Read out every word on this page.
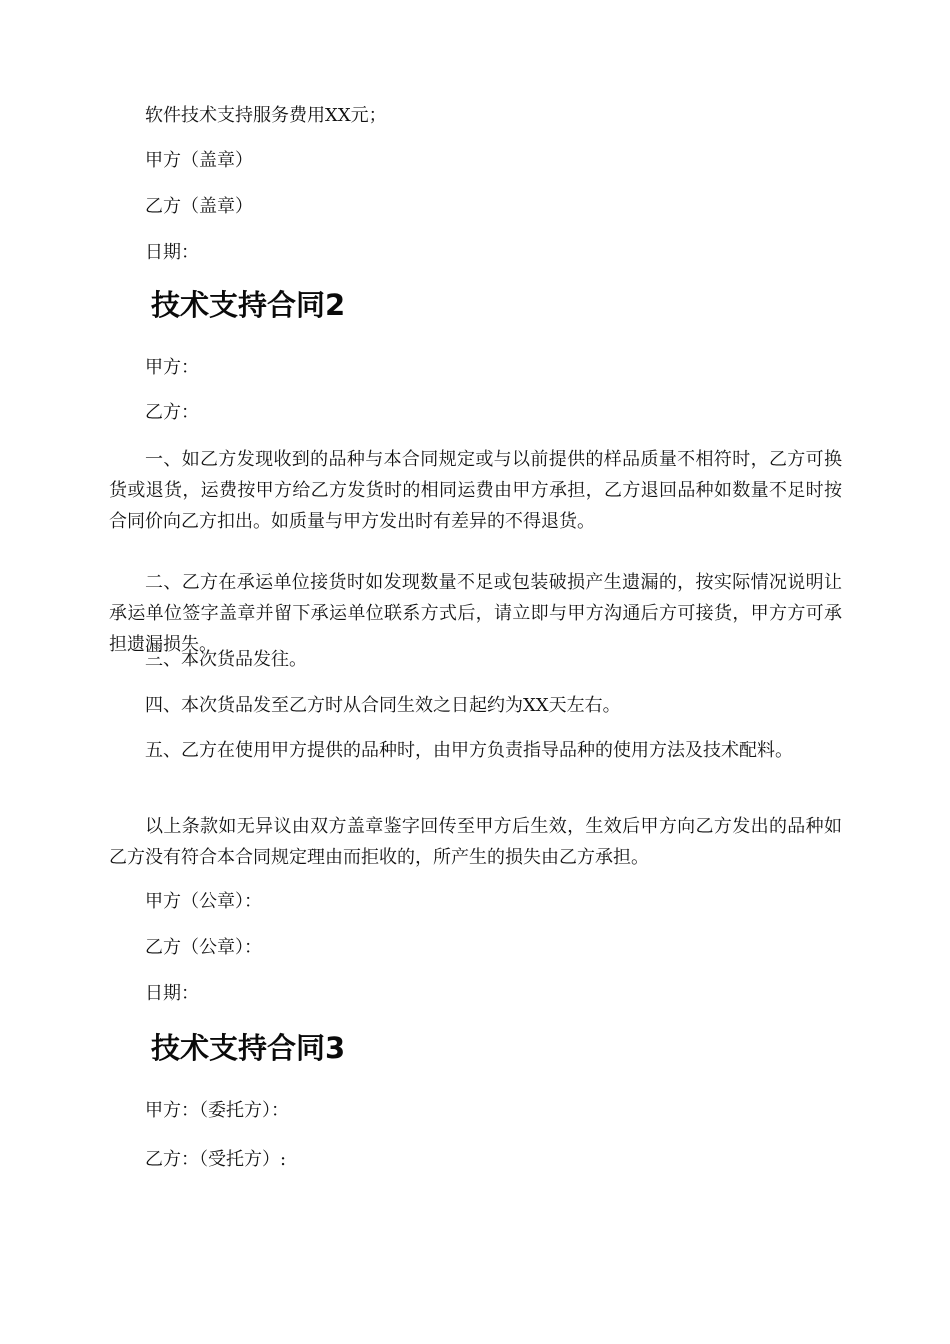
软件技术支持服务费用XX元；

甲方（盖章）

乙方（盖章）

日期：

技术支持合同2

甲方：

乙方：

一、如乙方发现收到的品种与本合同规定或与以前提供的样品质量不相符时，乙方可换货或退货，运费按甲方给乙方发货时的相同运费由甲方承担，乙方退回品种如数量不足时按合同价向乙方扣出。如质量与甲方发出时有差异的不得退货。

二、乙方在承运单位接货时如发现数量不足或包装破损产生遗漏的，按实际情况说明让承运单位签字盖章并留下承运单位联系方式后，请立即与甲方沟通后方可接货，甲方方可承担遗漏损失。

三、本次货品发往。

四、本次货品发至乙方时从合同生效之日起约为XX天左右。

五、乙方在使用甲方提供的品种时，由甲方负责指导品种的使用方法及技术配料。

以上条款如无异议由双方盖章鉴字回传至甲方后生效，生效后甲方向乙方发出的品种如乙方没有符合本合同规定理由而拒收的，所产生的损失由乙方承担。

甲方（公章）：

乙方（公章）：

日期：

技术支持合同3

甲方：（委托方）：

乙方：（受托方）:
